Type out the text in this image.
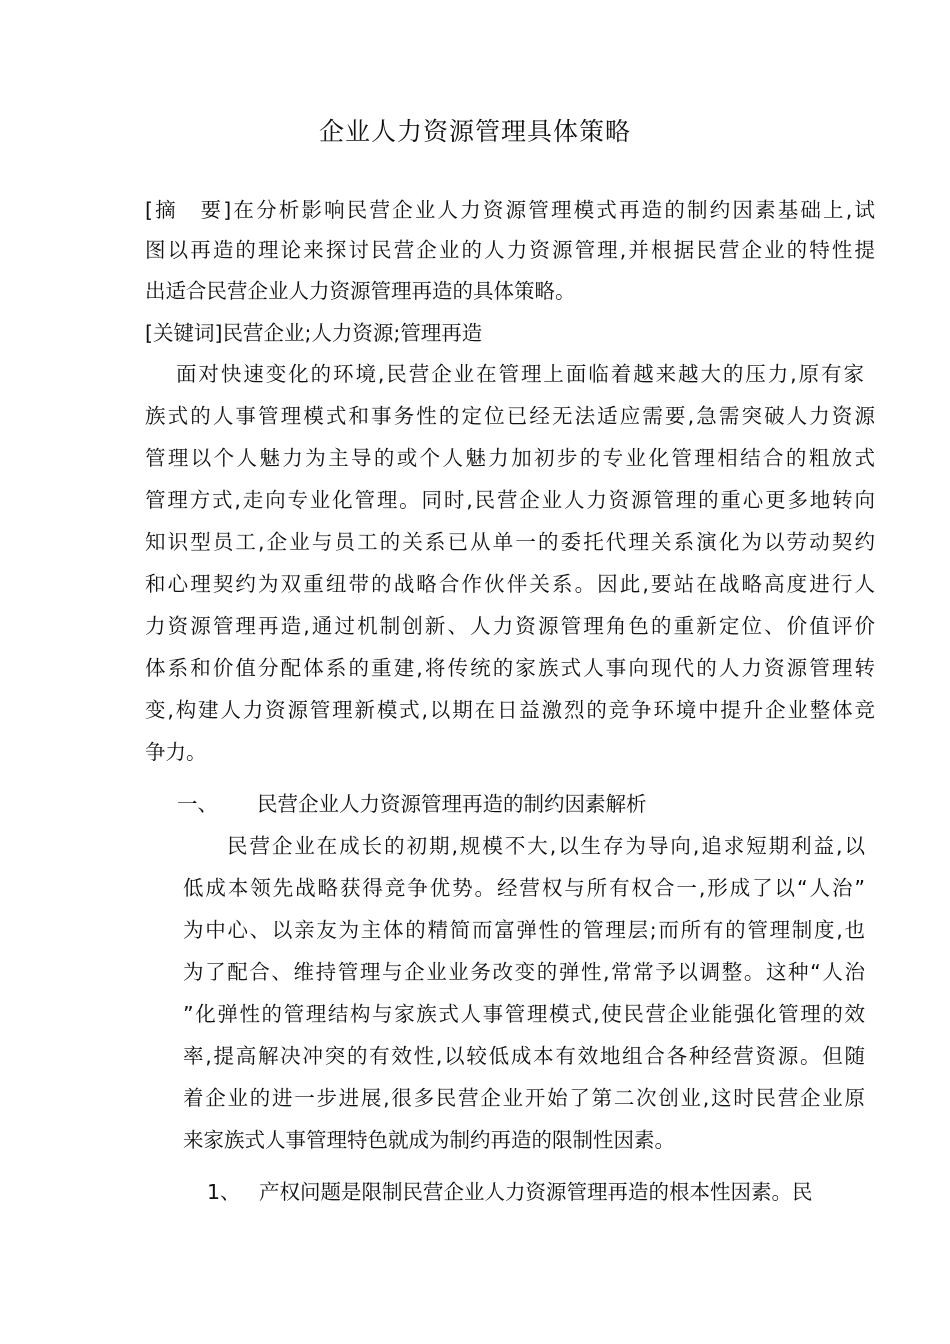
企业人力资源管理具体策略
[摘　要]在分析影响民营企业人力资源管理模式再造的制约因素基础上,试
图以再造的理论来探讨民营企业的人力资源管理,并根据民营企业的特性提
出适合民营企业人力资源管理再造的具体策略。
[关键词]民营企业;人力资源;管理再造
面对快速变化的环境,民营企业在管理上面临着越来越大的压力,原有家
族式的人事管理模式和事务性的定位已经无法适应需要,急需突破人力资源
管理以个人魅力为主导的或个人魅力加初步的专业化管理相结合的粗放式
管理方式,走向专业化管理。同时,民营企业人力资源管理的重心更多地转向
知识型员工,企业与员工的关系已从单一的委托代理关系演化为以劳动契约
和心理契约为双重纽带的战略合作伙伴关系。因此,要站在战略高度进行人
力资源管理再造,通过机制创新、人力资源管理角色的重新定位、价值评价
体系和价值分配体系的重建,将传统的家族式人事向现代的人力资源管理转
变,构建人力资源管理新模式,以期在日益激烈的竞争环境中提升企业整体竞
争力。
一、 民营企业人力资源管理再造的制约因素解析
民营企业在成长的初期,规模不大,以生存为导向,追求短期利益,以
低成本领先战略获得竞争优势。经营权与所有权合一,形成了以“人治”
为中心、以亲友为主体的精简而富弹性的管理层;而所有的管理制度,也
为了配合、维持管理与企业业务改变的弹性,常常予以调整。这种“人治
”化弹性的管理结构与家族式人事管理模式,使民营企业能强化管理的效
率,提高解决冲突的有效性,以较低成本有效地组合各种经营资源。但随
着企业的进一步进展,很多民营企业开始了第二次创业,这时民营企业原
来家族式人事管理特色就成为制约再造的限制性因素。
1、 产权问题是限制民营企业人力资源管理再造的根本性因素。民
